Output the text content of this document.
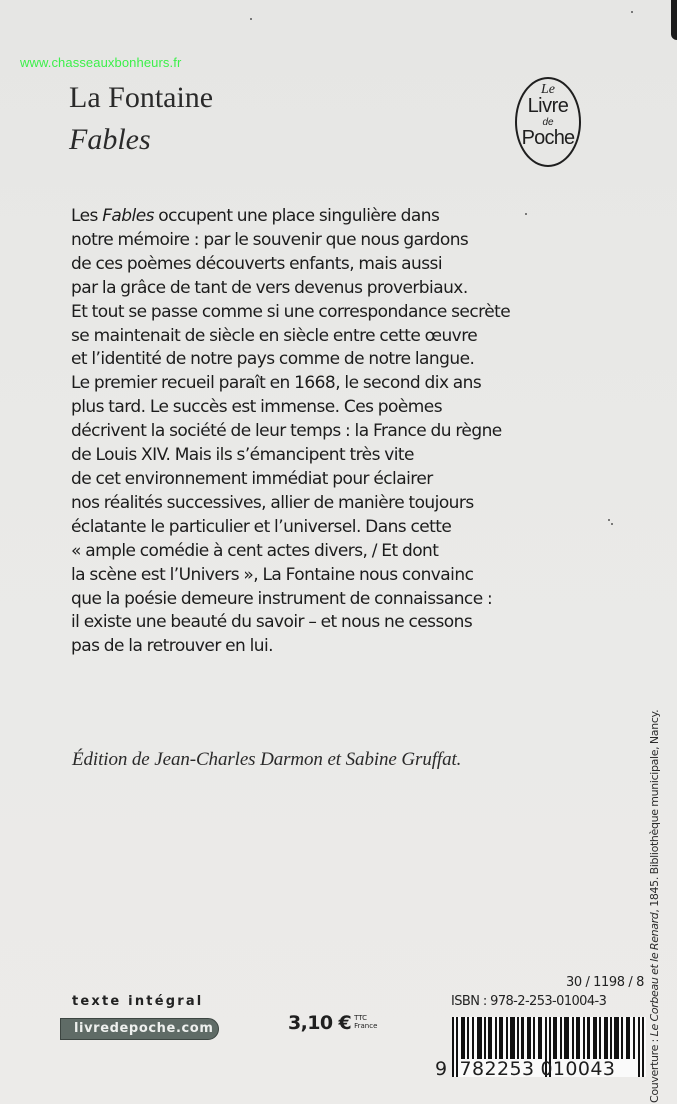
www.chasseauxbonheurs.fr
La Fontaine
Fables
Le
Livre
de
Poche
Les Fables occupent une place singulière dans
notre mémoire : par le souvenir que nous gardons
de ces poèmes découverts enfants, mais aussi
par la grâce de tant de vers devenus proverbiaux.
Et tout se passe comme si une correspondance secrète
se maintenait de siècle en siècle entre cette œuvre
et l’identité de notre pays comme de notre langue.
Le premier recueil paraît en 1668, le second dix ans
plus tard. Le succès est immense. Ces poèmes
décrivent la société de leur temps : la France du règne
de Louis XIV. Mais ils s’émancipent très vite
de cet environnement immédiat pour éclairer
nos réalités successives, allier de manière toujours
éclatante le particulier et l’universel. Dans cette
« ample comédie à cent actes divers, / Et dont
la scène est l’Univers », La Fontaine nous convainc
que la poésie demeure instrument de connaissance :
il existe une beauté du savoir – et nous ne cessons
pas de la retrouver en lui.
Édition de Jean-Charles Darmon et Sabine Gruffat.
Couverture : Le Corbeau et le Renard, 1845. Bibliothèque municipale, Nancy.
texte intégral
livredepoche.com	3,10 € TTC
France
30 / 1198 / 8
ISBN : 978-2-253-01004-3
9 782253 010043
